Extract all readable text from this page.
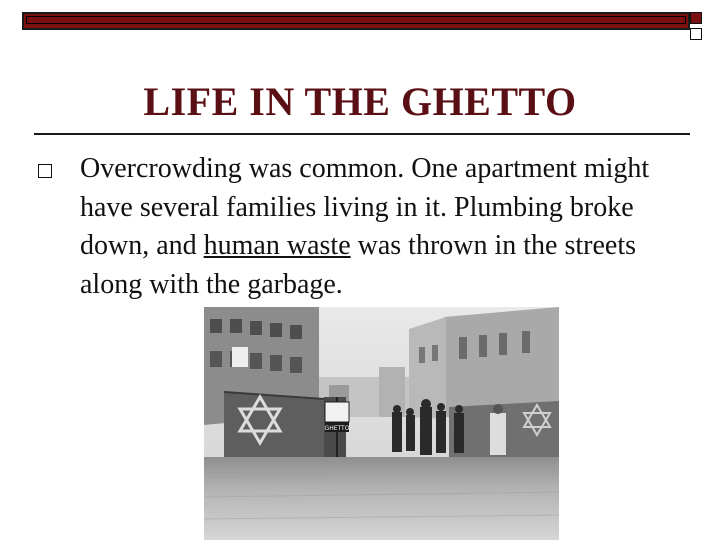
LIFE IN THE GHETTO
Overcrowding was common. One apartment might have several families living in it. Plumbing broke down, and human waste was thrown in the streets along with the garbage.
GHETTO
